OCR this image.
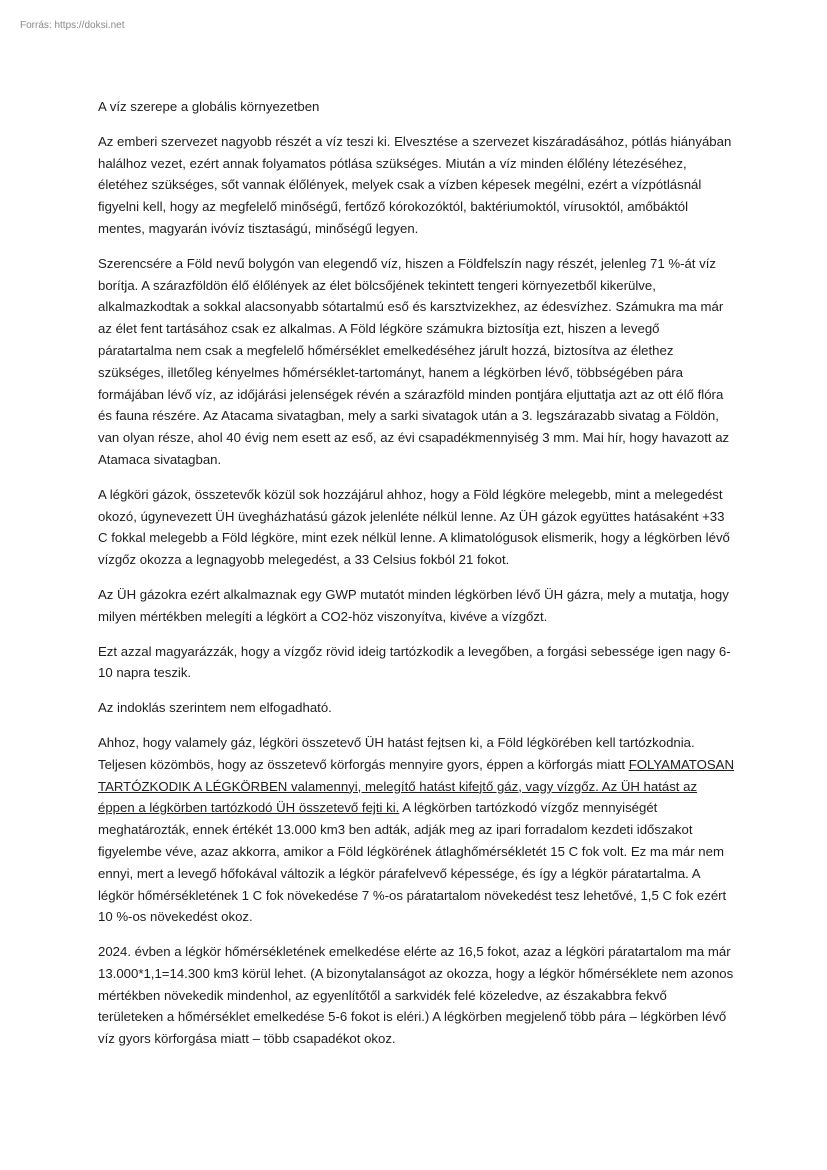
Forrás: https://doksi.net
A víz szerepe a globális környezetben

Az emberi szervezet nagyobb részét a víz teszi ki. Elvesztése a szervezet kiszáradásához, pótlás hiányában halálhoz vezet, ezért annak folyamatos pótlása szükséges. Miután a víz minden élőlény létezéséhez, életéhez szükséges, sőt vannak élőlények, melyek csak a vízben képesek megélni, ezért a vízpótlásnál figyelni kell, hogy az megfelelő minőségű, fertőző kórokozóktól, baktériumoktól, vírusoktól, amőbáktól mentes, magyarán ivóvíz tisztaságú, minőségű legyen.

Szerencsére a Föld nevű bolygón van elegendő víz, hiszen a Földfelszín nagy részét, jelenleg 71 %-át víz borítja. A szárazföldön élő élőlények az élet bölcsőjének tekintett tengeri környezetből kikerülve, alkalmazkodtak a sokkal alacsonyabb sótartalmú eső és karsztvizekhez, az édesvízhez. Számukra ma már az élet fent tartásához csak ez alkalmas. A Föld légköre számukra biztosítja ezt, hiszen a levegő páratartalma nem csak a megfelelő hőmérséklet emelkedéséhez járult hozzá, biztosítva az élethez szükséges, illetőleg kényelmes hőmérséklet-tartományt, hanem a légkörben lévő, többségében pára formájában lévő víz, az időjárási jelenségek révén a szárazföld minden pontjára eljuttatja azt az ott élő flóra és fauna részére. Az Atacama sivatagban, mely a sarki sivatagok után a 3. legszárazabb sivatag a Földön, van olyan része, ahol 40 évig nem esett az eső, az évi csapadékmennyiség 3 mm. Mai hír, hogy havazott az Atamaca sivatagban.

A légköri gázok, összetevők közül sok hozzájárul ahhoz, hogy a Föld légköre melegebb, mint a melegedést okozó, úgynevezett ÜH üvegházhatású gázok jelenléte nélkül lenne. Az ÜH gázok együttes hatásaként +33 C fokkal melegebb a Föld légköre, mint ezek nélkül lenne. A klimatológusok elismerik, hogy a légkörben lévő vízgőz okozza a legnagyobb melegedést, a 33 Celsius fokból 21 fokot.

Az ÜH gázokra ezért alkalmaznak egy GWP mutatót minden légkörben lévő ÜH gázra, mely a mutatja, hogy milyen mértékben melegíti a légkört a CO2-höz viszonyítva, kivéve a vízgőzt.

Ezt azzal magyarázzák, hogy a vízgőz rövid ideig tartózkodik a levegőben, a forgási sebessége igen nagy 6-10 napra teszik.

Az indoklás szerintem nem elfogadható.

Ahhoz, hogy valamely gáz, légköri összetevő ÜH hatást fejtsen ki, a Föld légkörében kell tartózkodnia. Teljesen közömbös, hogy az összetevő körforgás mennyire gyors, éppen a körforgás miatt FOLYAMATOSAN TARTÓZKODIK A LÉGKÖRBEN valamennyi, melegítő hatást kifejtő gáz, vagy vízgőz. Az ÜH hatást az éppen a légkörben tartózkodó ÜH összetevő fejti ki. A légkörben tartózkodó vízgőz mennyiségét meghatározták, ennek értékét 13.000 km3 ben adták, adják meg az ipari forradalom kezdeti időszakot figyelembe véve, azaz akkorra, amikor a Föld légkörének átlaghőmérsékletét 15 C fok volt. Ez ma már nem ennyi, mert a levegő hőfokával változik a légkör párafelvevő képessége, és így a légkör páratartalma. A légkör hőmérsékletének 1 C fok növekedése 7 %-os páratartalom növekedést tesz lehetővé, 1,5 C fok ezért 10 %-os növekedést okoz.

2024. évben a légkör hőmérsékletének emelkedése elérte az 16,5 fokot, azaz a légköri páratartalom ma már 13.000*1,1=14.300 km3 körül lehet. (A bizonytalanságot az okozza, hogy a légkör hőmérséklete nem azonos mértékben növekedik mindenhol, az egyenlítőtől a sarkvidék felé közeledve, az északabbra fekvő területeken a hőmérséklet emelkedése 5-6 fokot is eléri.) A légkörben megjelenő több pára – légkörben lévő víz gyors körforgása miatt – több csapadékot okoz.
